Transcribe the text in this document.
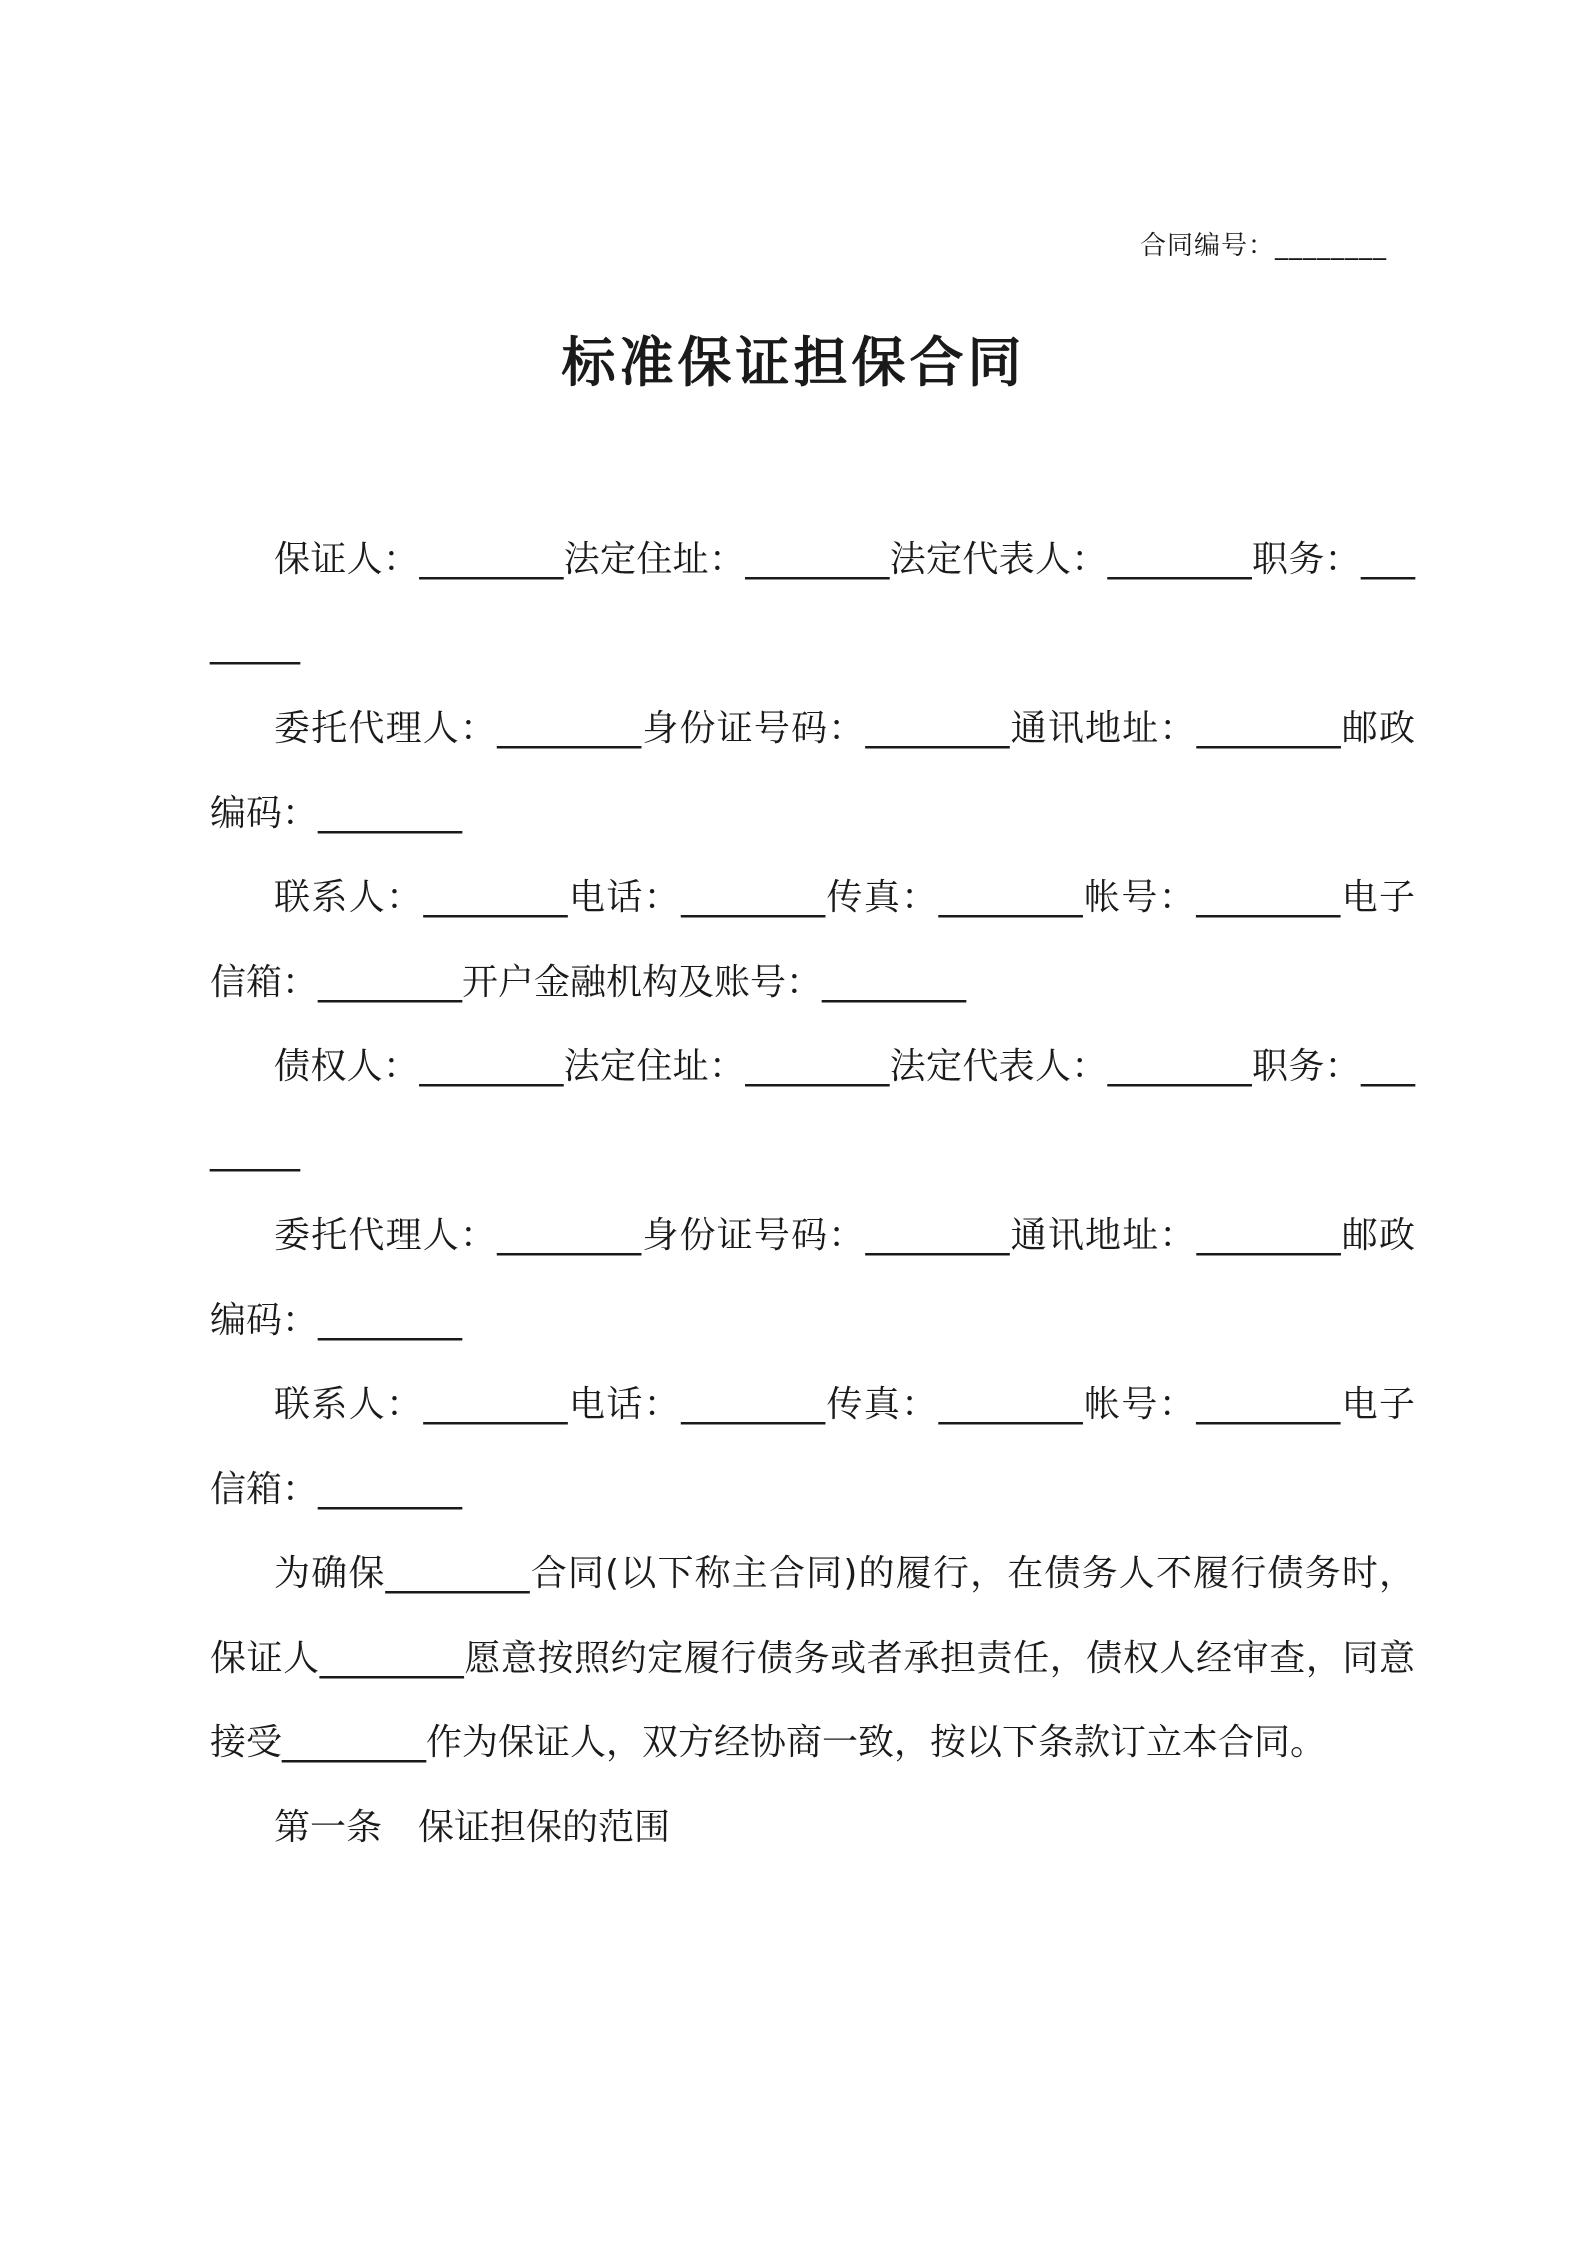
合同编号：________
标准保证担保合同

保证人：________法定住址：________法定代表人：________职务：________

委托代理人：________身份证号码：________通讯地址：________邮政编码：________

联系人：________电话：________传真：________帐号：________电子信箱：________开户金融机构及账号：________

债权人：________法定住址：________法定代表人：________职务：________

委托代理人：________身份证号码：________通讯地址：________邮政编码：________

联系人：________电话：________传真：________帐号：________电子信箱：________

为确保________合同(以下称主合同)的履行，在债务人不履行债务时，保证人________愿意按照约定履行债务或者承担责任，债权人经审查，同意接受________作为保证人，双方经协商一致，按以下条款订立本合同。

第一条　保证担保的范围
